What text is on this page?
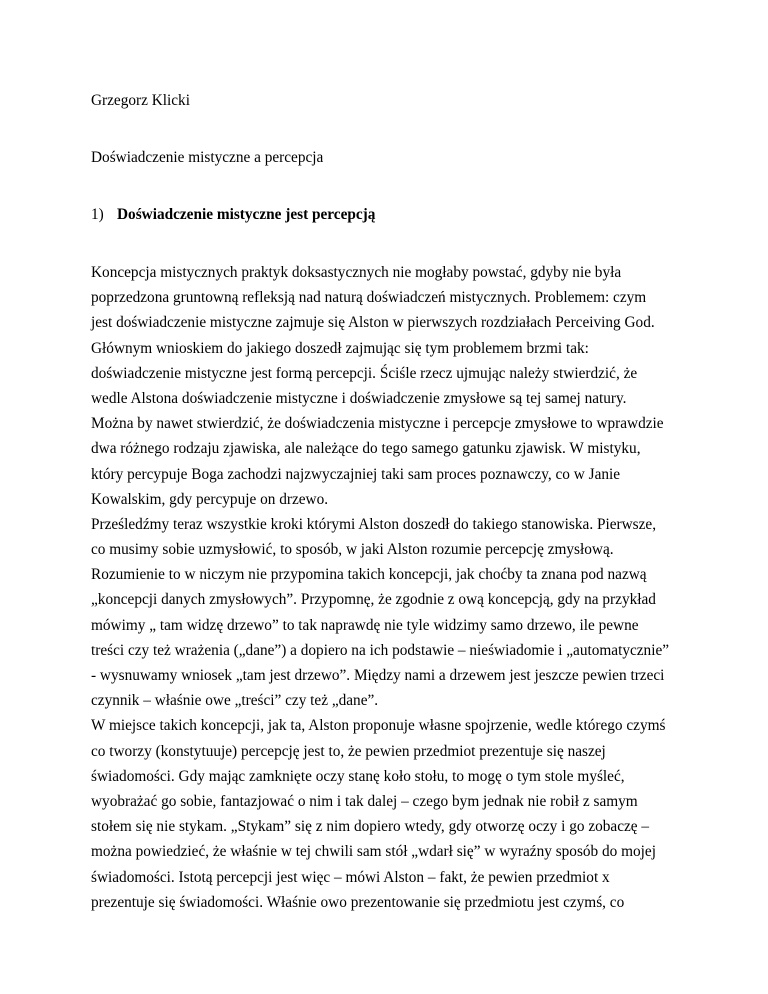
Grzegorz Klicki

Doświadczenie mistyczne a percepcja
1) Doświadczenie mistyczne jest percepcją
Koncepcja mistycznych praktyk doksastycznych nie mogłaby powstać, gdyby nie była
poprzedzona gruntowną refleksją nad naturą doświadczeń mistycznych. Problemem: czym
jest doświadczenie mistyczne zajmuje się Alston w pierwszych rozdziałach Perceiving God.
Głównym wnioskiem do jakiego doszedł zajmując się tym problemem brzmi tak:
doświadczenie mistyczne jest formą percepcji. Ściśle rzecz ujmując należy stwierdzić, że
wedle Alstona doświadczenie mistyczne i doświadczenie zmysłowe są tej samej natury.
Można by nawet stwierdzić, że doświadczenia mistyczne i percepcje zmysłowe to wprawdzie
dwa różnego rodzaju zjawiska, ale należące do tego samego gatunku zjawisk. W mistyku,
który percypuje Boga zachodzi najzwyczajniej taki sam proces poznawczy, co w Janie
Kowalskim, gdy percypuje on drzewo.
Prześledźmy teraz wszystkie kroki którymi Alston doszedł do takiego stanowiska. Pierwsze,
co musimy sobie uzmysłowić, to sposób, w jaki Alston rozumie percepcję zmysłową.
Rozumienie to w niczym nie przypomina takich koncepcji, jak choćby ta znana pod nazwą
„koncepcji danych zmysłowych”. Przypomnę, że zgodnie z ową koncepcją, gdy na przykład
mówimy „ tam widzę drzewo” to tak naprawdę nie tyle widzimy samo drzewo, ile pewne
treści czy też wrażenia („dane”) a dopiero na ich podstawie – nieświadomie i „automatycznie”
- wysnuwamy wniosek „tam jest drzewo”. Między nami a drzewem jest jeszcze pewien trzeci
czynnik – właśnie owe „treści” czy też „dane”.
W miejsce takich koncepcji, jak ta, Alston proponuje własne spojrzenie, wedle którego czymś
co tworzy (konstytuuje) percepcję jest to, że pewien przedmiot prezentuje się naszej
świadomości. Gdy mając zamknięte oczy stanę koło stołu, to mogę o tym stole myśleć,
wyobrażać go sobie, fantazjować o nim i tak dalej – czego bym jednak nie robił z samym
stołem się nie stykam. „Stykam” się z nim dopiero wtedy, gdy otworzę oczy i go zobaczę –
można powiedzieć, że właśnie w tej chwili sam stół „wdarł się” w wyraźny sposób do mojej
świadomości. Istotą percepcji jest więc – mówi Alston – fakt, że pewien przedmiot x
prezentuje się świadomości. Właśnie owo prezentowanie się przedmiotu jest czymś, co
